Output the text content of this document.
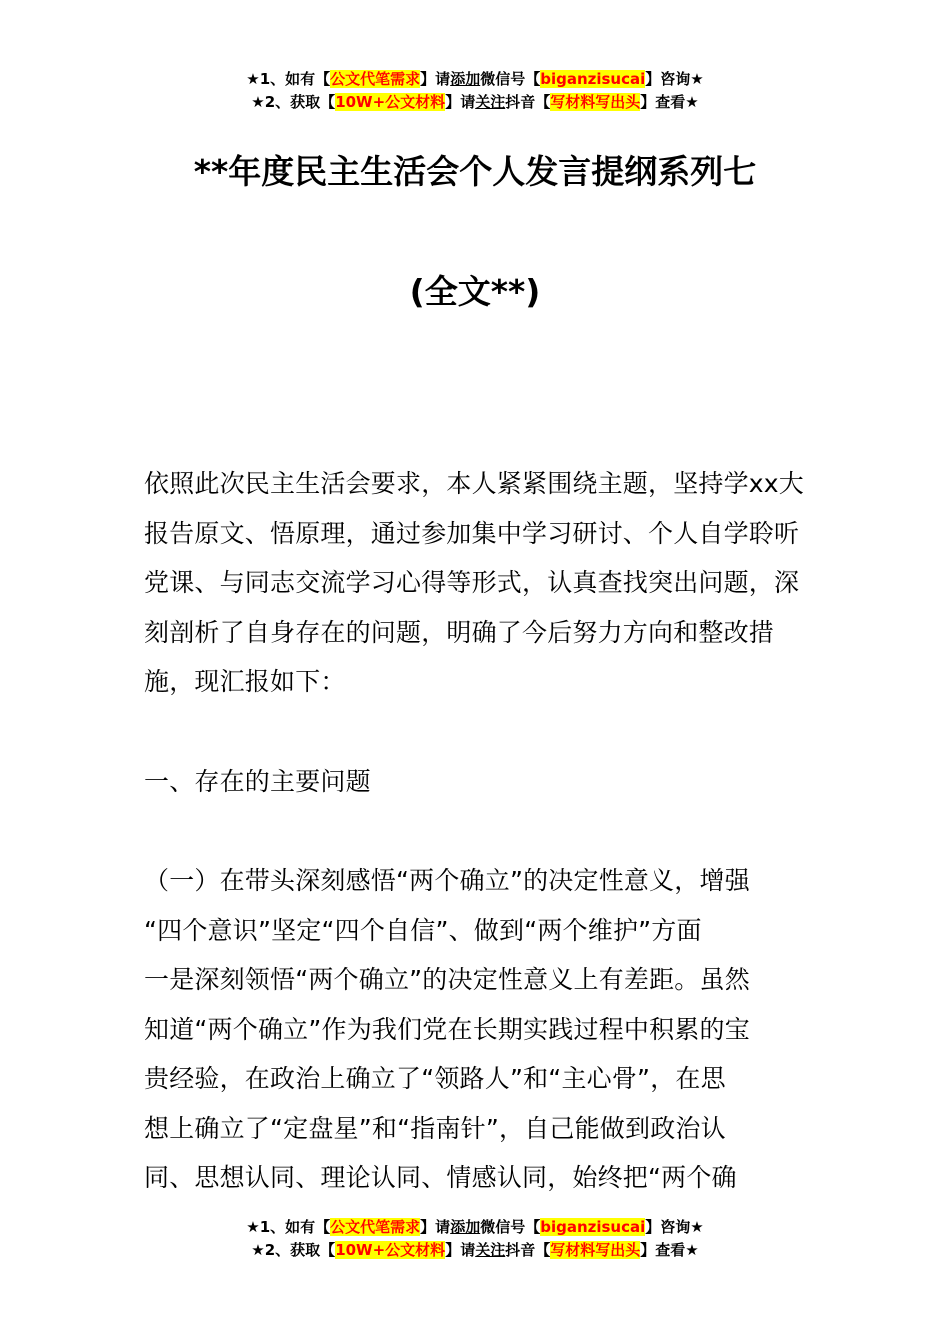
★1、如有【公文代笔需求】请添加微信号【biganzisucai】咨询★
★2、获取【10W+公文材料】请关注抖音【写材料写出头】查看★
**年度民主生活会个人发言提纲系列七
(全文**)
依照此次民主生活会要求，本人紧紧围绕主题，坚持学xx大报告原文、悟原理，通过参加集中学习研讨、个人自学聆听党课、与同志交流学习心得等形式，认真查找突出问题，深刻剖析了自身存在的问题，明确了今后努力方向和整改措施，现汇报如下：
一、存在的主要问题
（一）在带头深刻感悟“两个确立”的决定性意义，增强
“四个意识”坚定“四个自信”、做到“两个维护”方面
一是深刻领悟“两个确立”的决定性意义上有差距。虽然
知道“两个确立”作为我们党在长期实践过程中积累的宝
贵经验，在政治上确立了“领路人”和“主心骨”，在思
想上确立了“定盘星”和“指南针”，自己能做到政治认
同、思想认同、理论认同、情感认同，始终把“两个确
★1、如有【公文代笔需求】请添加微信号【biganzisucai】咨询★
★2、获取【10W+公文材料】请关注抖音【写材料写出头】查看★
